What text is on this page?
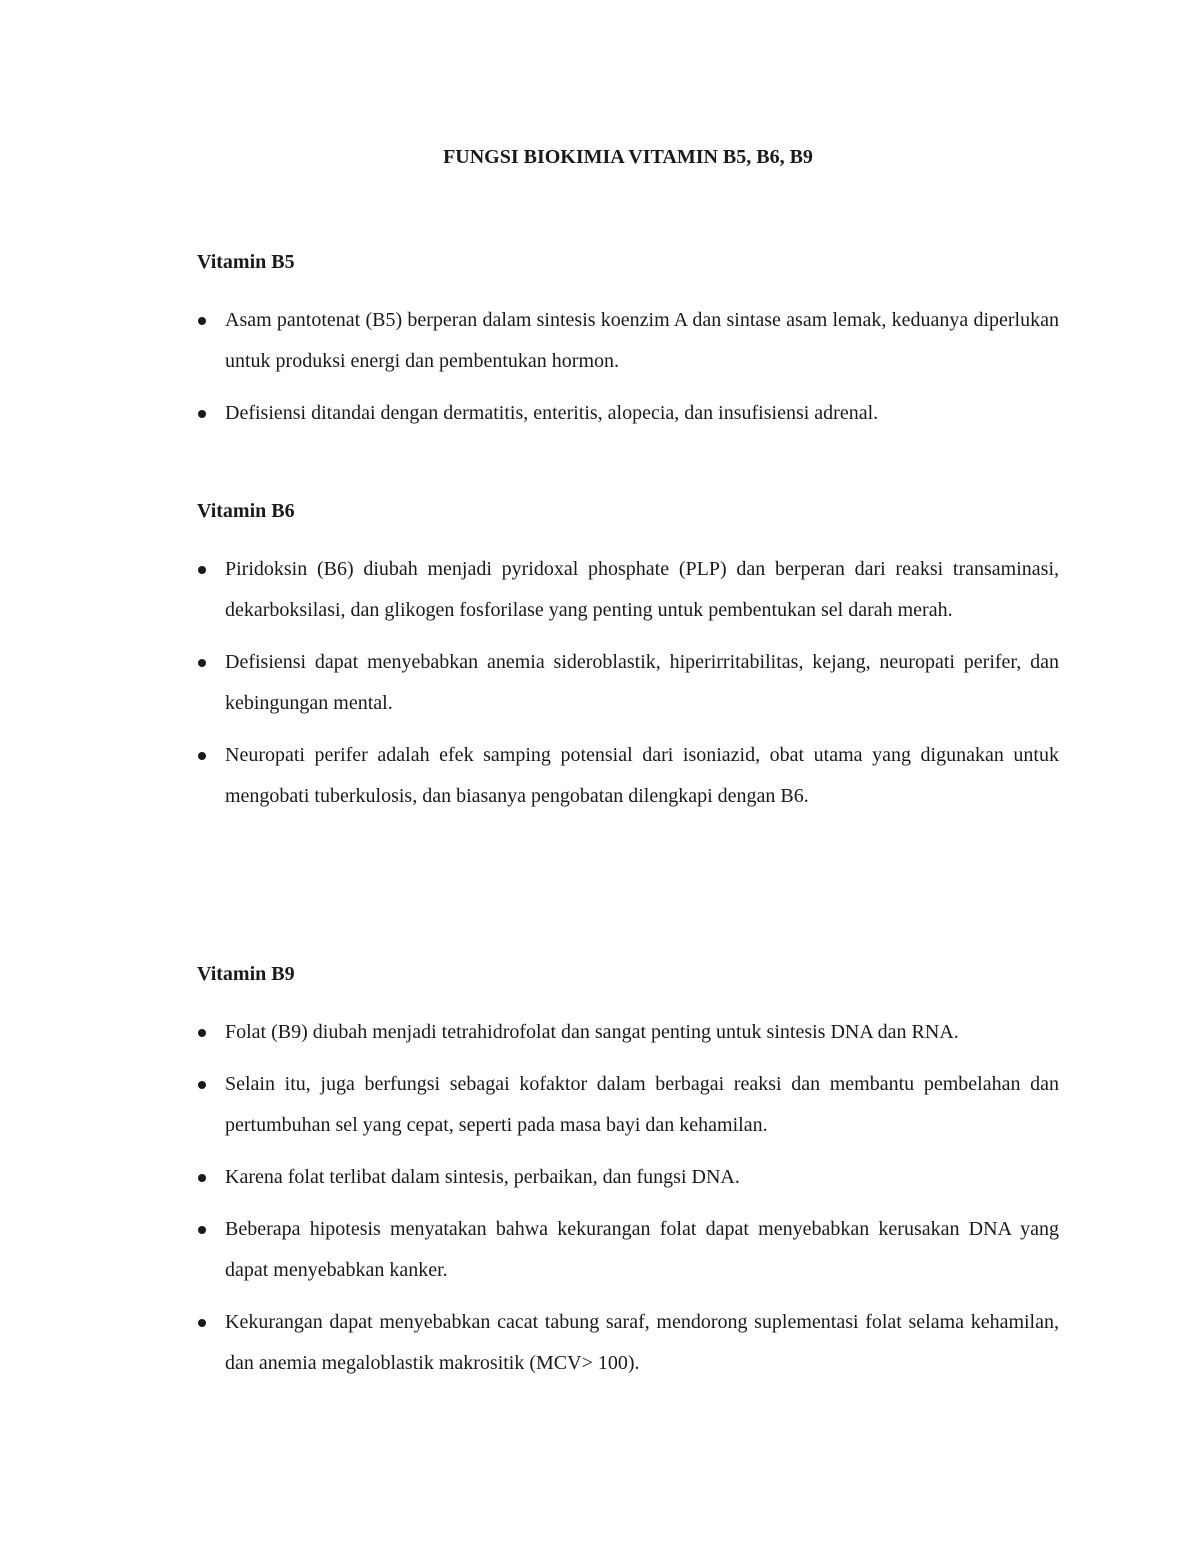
FUNGSI BIOKIMIA VITAMIN B5, B6, B9
Vitamin B5
Asam pantotenat (B5) berperan dalam sintesis koenzim A dan sintase asam lemak, keduanya diperlukan untuk produksi energi dan pembentukan hormon.
Defisiensi ditandai dengan dermatitis, enteritis, alopecia, dan insufisiensi adrenal.
Vitamin B6
Piridoksin (B6) diubah menjadi pyridoxal phosphate (PLP) dan berperan dari reaksi transaminasi, dekarboksilasi, dan glikogen fosforilase yang penting untuk pembentukan sel darah merah.
Defisiensi dapat menyebabkan anemia sideroblastik, hiperirritabilitas, kejang, neuropati perifer, dan kebingungan mental.
Neuropati perifer adalah efek samping potensial dari isoniazid, obat utama yang digunakan untuk mengobati tuberkulosis, dan biasanya pengobatan dilengkapi dengan B6.
Vitamin B9
Folat (B9) diubah menjadi tetrahidrofolat dan sangat penting untuk sintesis DNA dan RNA.
Selain itu, juga berfungsi sebagai kofaktor dalam berbagai reaksi dan membantu pembelahan dan pertumbuhan sel yang cepat, seperti pada masa bayi dan kehamilan.
Karena folat terlibat dalam sintesis, perbaikan, dan fungsi DNA.
Beberapa hipotesis menyatakan bahwa kekurangan folat dapat menyebabkan kerusakan DNA yang dapat menyebabkan kanker.
Kekurangan dapat menyebabkan cacat tabung saraf, mendorong suplementasi folat selama kehamilan, dan anemia megaloblastik makrositik (MCV> 100).
